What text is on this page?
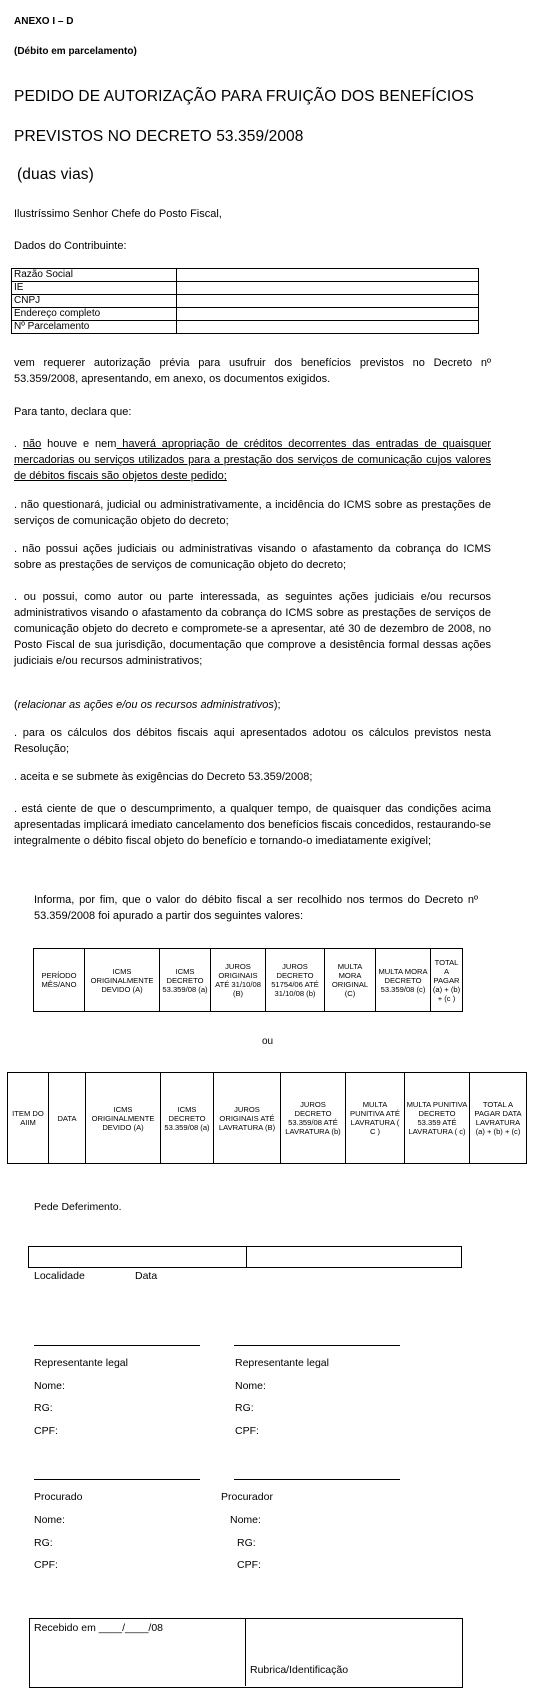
ANEXO I – D
(Débito em parcelamento)
PEDIDO DE AUTORIZAÇÃO PARA FRUIÇÃO DOS BENEFÍCIOS
PREVISTOS NO DECRETO 53.359/2008
(duas vias)
Ilustríssimo Senhor Chefe do Posto Fiscal,
Dados do Contribuinte:
Razão Social	
IE	
CNPJ	
Endereço completo	
Nº Parcelamento	
vem requerer autorização prévia para usufruir dos benefícios previstos no Decreto nº 53.359/2008, apresentando, em anexo, os documentos exigidos.
Para tanto, declara que:
. não houve e nem haverá apropriação de créditos decorrentes das entradas de quaisquer mercadorias ou serviços utilizados para a prestação dos serviços de comunicação cujos valores de débitos fiscais são objetos deste pedido;
. não questionará, judicial ou administrativamente, a incidência do ICMS sobre as prestações de serviços de comunicação objeto do decreto;
. não possui ações judiciais ou administrativas visando o afastamento da cobrança do ICMS sobre as prestações de serviços de comunicação objeto do decreto;
. ou possui, como autor ou parte interessada, as seguintes ações judiciais e/ou recursos administrativos visando o afastamento da cobrança do ICMS sobre as prestações de serviços de comunicação objeto do decreto e compromete-se a apresentar, até 30 de dezembro de 2008, no Posto Fiscal de sua jurisdição, documentação que comprove a desistência formal dessas ações judiciais e/ou recursos administrativos;
(relacionar as ações e/ou os recursos administrativos);
. para os cálculos dos débitos fiscais aqui apresentados adotou os cálculos previstos nesta Resolução;
. aceita e se submete às exigências do Decreto 53.359/2008;
. está ciente de que o descumprimento, a qualquer tempo, de quaisquer das condições acima apresentadas implicará imediato cancelamento dos benefícios fiscais concedidos, restaurando-se integralmente o débito fiscal objeto do benefício e tornando-o imediatamente exigível;
Informa, por fim, que o valor do débito fiscal a ser recolhido nos termos do Decreto nº 53.359/2008 foi apurado a partir dos seguintes valores:
PERÍODO MÊS/ANO	ICMS ORIGINALMENTE DEVIDO (A)	ICMS DECRETO 53.359/08 (a)	JUROS ORIGINAIS ATÉ 31/10/08 (B)	JUROS DECRETO 51754/06 ATÉ 31/10/08 (b)	MULTA MORA ORIGINAL (C)	MULTA MORA DECRETO 53.359/08 (c)	TOTAL A PAGAR (a) + (b) + (c )
ou
ITEM DO AIIM	DATA	ICMS ORIGINALMENTE DEVIDO (A)	ICMS DECRETO 53.359/08 (a)	JUROS ORIGINAIS ATÉ LAVRATURA (B)	JUROS DECRETO 53.359/08 ATÉ LAVRATURA (b)	MULTA PUNITIVA ATÉ LAVRATURA ( C )	MULTA PUNITIVA DECRETO 53.359 ATÉ LAVRATURA ( c)	TOTAL A PAGAR DATA LAVRATURA (a) + (b) + (c)
Pede Deferimento.
Localidade	Data
Representante legal
Nome:
RG:
CPF:
Representante legal
Nome:
RG:
CPF:
Procurado
Nome:
RG:
CPF:
Procurador
Nome:
RG:
CPF:
Recebido em ____/____/08
Rubrica/Identificação
